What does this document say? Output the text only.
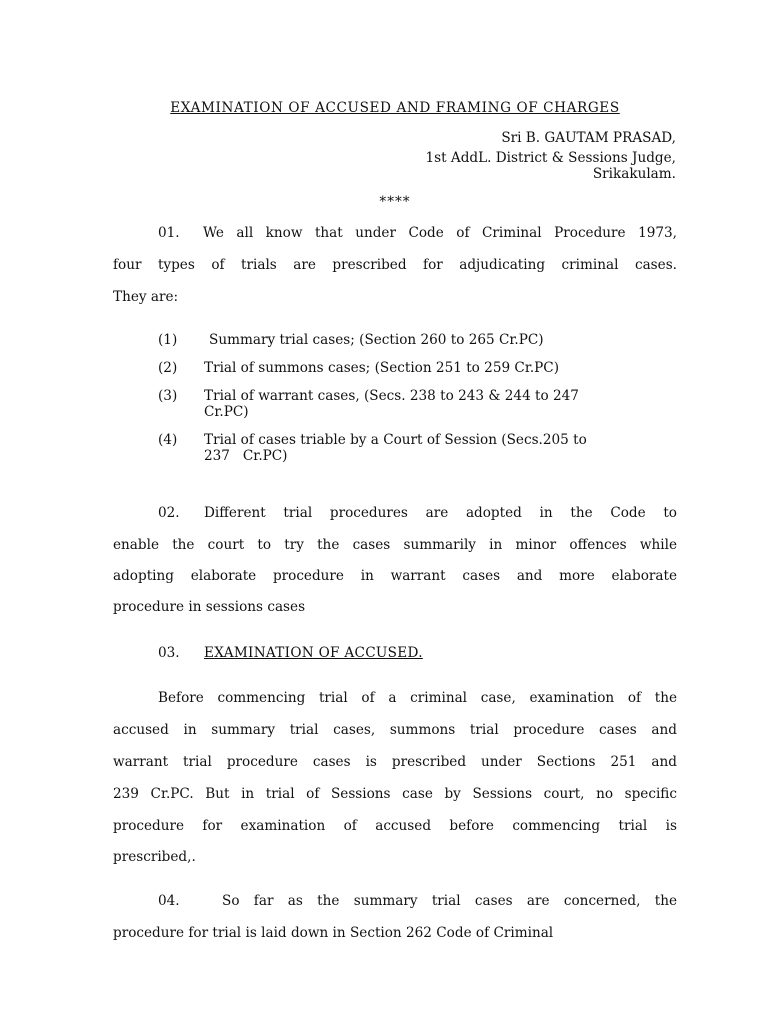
EXAMINATION OF ACCUSED AND FRAMING OF CHARGES
Sri B. GAUTAM PRASAD,
1st AddL. District & Sessions Judge,
Srikakulam.
****
01. We all know that under Code of Criminal Procedure 1973,
four types of trials are prescribed for adjudicating criminal cases.
They are:
(1) Summary trial cases; (Section 260 to 265 Cr.PC)
(2) Trial of summons cases; (Section 251 to 259 Cr.PC)
(3) Trial of warrant cases, (Secs. 238 to 243 & 244 to 247
Cr.PC)
(4) Trial of cases triable by a Court of Session (Secs.205 to
237   Cr.PC)
02. Different trial procedures are adopted in the Code to
enable the court to try the cases summarily in minor offences while
adopting elaborate procedure in warrant cases and more elaborate
procedure in sessions cases
03. EXAMINATION OF ACCUSED.
Before commencing trial of a criminal case, examination of the
accused in summary trial cases, summons trial procedure cases and
warrant trial procedure cases is prescribed under Sections 251 and
239 Cr.PC. But in trial of Sessions case by Sessions court, no specific
procedure for examination of accused before commencing trial is
prescribed,.
04.	So far as the summary trial cases are concerned, the
procedure for trial is laid down in Section 262 Code of Criminal
